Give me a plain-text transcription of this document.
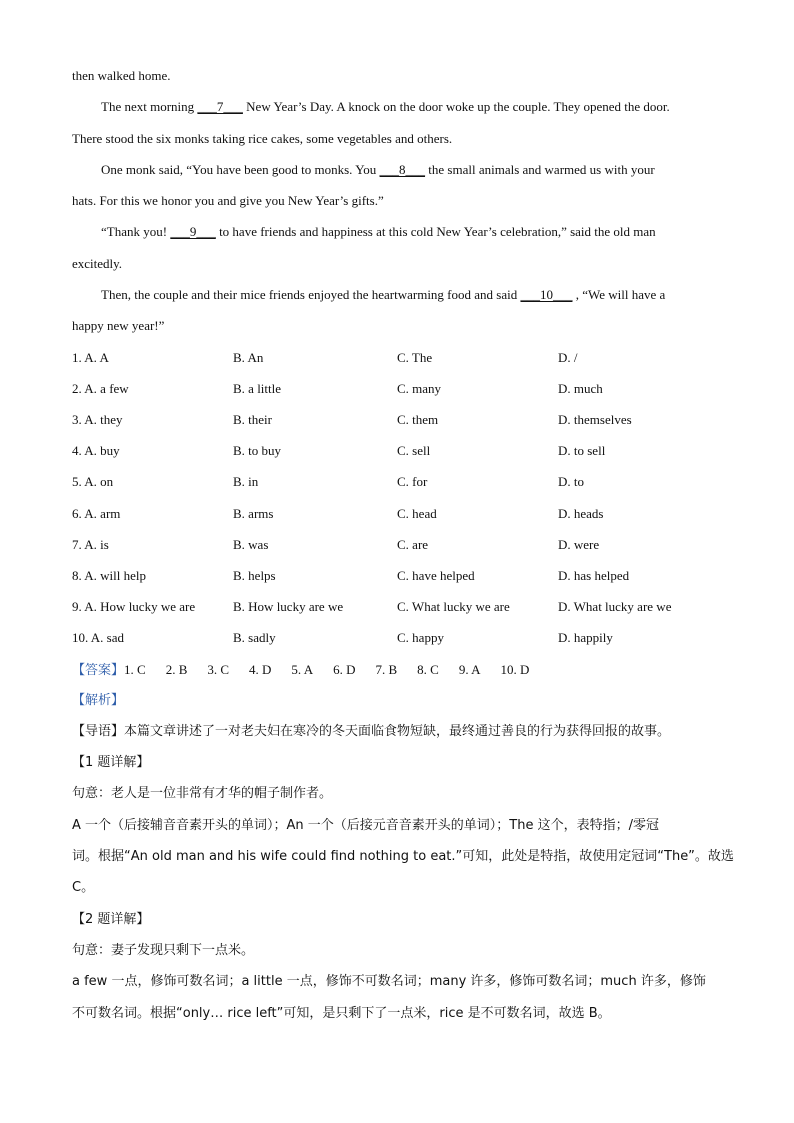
then walked home.
The next morning ___7___ New Year’s Day. A knock on the door woke up the couple. They opened the door.
There stood the six monks taking rice cakes, some vegetables and others.
One monk said, “You have been good to monks. You ___8___ the small animals and warmed us with your
hats. For this we honor you and give you New Year’s gifts.”
“Thank you! ___9___ to have friends and happiness at this cold New Year’s celebration,” said the old man
excitedly.
Then, the couple and their mice friends enjoyed the heartwarming food and said ___10___ , “We will have a
happy new year!”
1. A. A	B. An	C. The	D. /
2. A. a few	B. a little	C. many	D. much
3. A. they	B. their	C. them	D. themselves
4. A. buy	B. to buy	C. sell	D. to sell
5. A. on	B. in	C. for	D. to
6. A. arm	B. arms	C. head	D. heads
7. A. is	B. was	C. are	D. were
8. A. will help	B. helps	C. have helped	D. has helped
9. A. How lucky we are	B. How lucky are we	C. What lucky we are	D. What lucky are we
10. A. sad	B. sadly	C. happy	D. happily
【答案】1. C 2. B 3. C 4. D 5. A 6. D 7. B 8. C 9. A 10. D
【解析】
【导语】本篇文章讲述了一对老夫妇在寒冷的冬天面临食物短缺，最终通过善良的行为获得回报的故事。
【1 题详解】
句意：老人是一位非常有才华的帽子制作者。
A 一个（后接辅音音素开头的单词）；An 一个（后接元音音素开头的单词）；The 这个，表特指；/零冠
词。根据“An old man and his wife could find nothing to eat.”可知，此处是特指，故使用定冠词“The”。故选
C。
【2 题详解】
句意：妻子发现只剩下一点米。
a few 一点，修饰可数名词；a little 一点，修饰不可数名词；many 许多，修饰可数名词；much 许多，修饰
不可数名词。根据“only… rice left”可知，是只剩下了一点米，rice 是不可数名词，故选 B。
